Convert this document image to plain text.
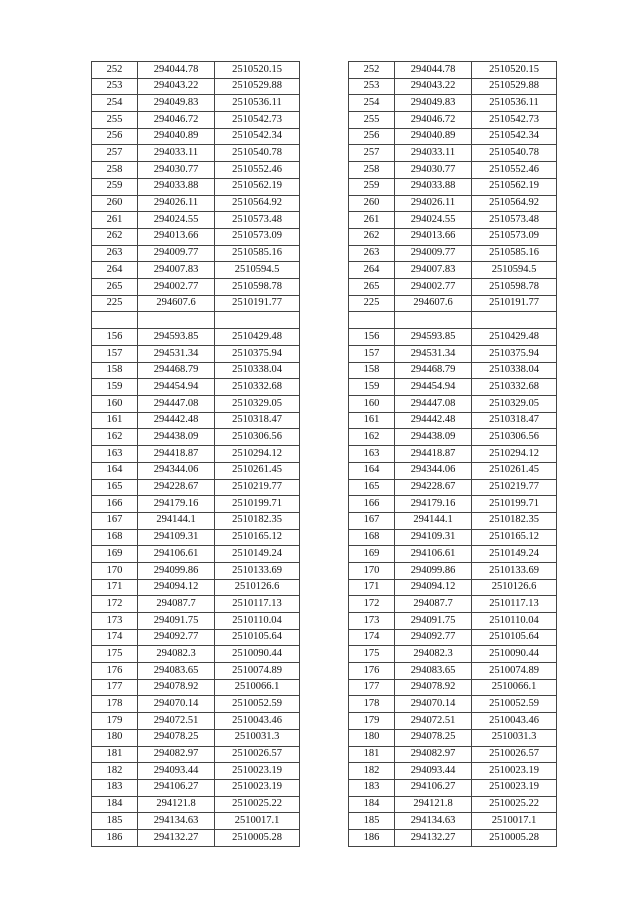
252	294044.78	2510520.15
253	294043.22	2510529.88
254	294049.83	2510536.11
255	294046.72	2510542.73
256	294040.89	2510542.34
257	294033.11	2510540.78
258	294030.77	2510552.46
259	294033.88	2510562.19
260	294026.11	2510564.92
261	294024.55	2510573.48
262	294013.66	2510573.09
263	294009.77	2510585.16
264	294007.83	2510594.5
265	294002.77	2510598.78
225	294607.6	2510191.77

156	294593.85	2510429.48
157	294531.34	2510375.94
158	294468.79	2510338.04
159	294454.94	2510332.68
160	294447.08	2510329.05
161	294442.48	2510318.47
162	294438.09	2510306.56
163	294418.87	2510294.12
164	294344.06	2510261.45
165	294228.67	2510219.77
166	294179.16	2510199.71
167	294144.1	2510182.35
168	294109.31	2510165.12
169	294106.61	2510149.24
170	294099.86	2510133.69
171	294094.12	2510126.6
172	294087.7	2510117.13
173	294091.75	2510110.04
174	294092.77	2510105.64
175	294082.3	2510090.44
176	294083.65	2510074.89
177	294078.92	2510066.1
178	294070.14	2510052.59
179	294072.51	2510043.46
180	294078.25	2510031.3
181	294082.97	2510026.57
182	294093.44	2510023.19
183	294106.27	2510023.19
184	294121.8	2510025.22
185	294134.63	2510017.1
186	294132.27	2510005.28
252	294044.78	2510520.15
253	294043.22	2510529.88
254	294049.83	2510536.11
255	294046.72	2510542.73
256	294040.89	2510542.34
257	294033.11	2510540.78
258	294030.77	2510552.46
259	294033.88	2510562.19
260	294026.11	2510564.92
261	294024.55	2510573.48
262	294013.66	2510573.09
263	294009.77	2510585.16
264	294007.83	2510594.5
265	294002.77	2510598.78
225	294607.6	2510191.77

156	294593.85	2510429.48
157	294531.34	2510375.94
158	294468.79	2510338.04
159	294454.94	2510332.68
160	294447.08	2510329.05
161	294442.48	2510318.47
162	294438.09	2510306.56
163	294418.87	2510294.12
164	294344.06	2510261.45
165	294228.67	2510219.77
166	294179.16	2510199.71
167	294144.1	2510182.35
168	294109.31	2510165.12
169	294106.61	2510149.24
170	294099.86	2510133.69
171	294094.12	2510126.6
172	294087.7	2510117.13
173	294091.75	2510110.04
174	294092.77	2510105.64
175	294082.3	2510090.44
176	294083.65	2510074.89
177	294078.92	2510066.1
178	294070.14	2510052.59
179	294072.51	2510043.46
180	294078.25	2510031.3
181	294082.97	2510026.57
182	294093.44	2510023.19
183	294106.27	2510023.19
184	294121.8	2510025.22
185	294134.63	2510017.1
186	294132.27	2510005.28
